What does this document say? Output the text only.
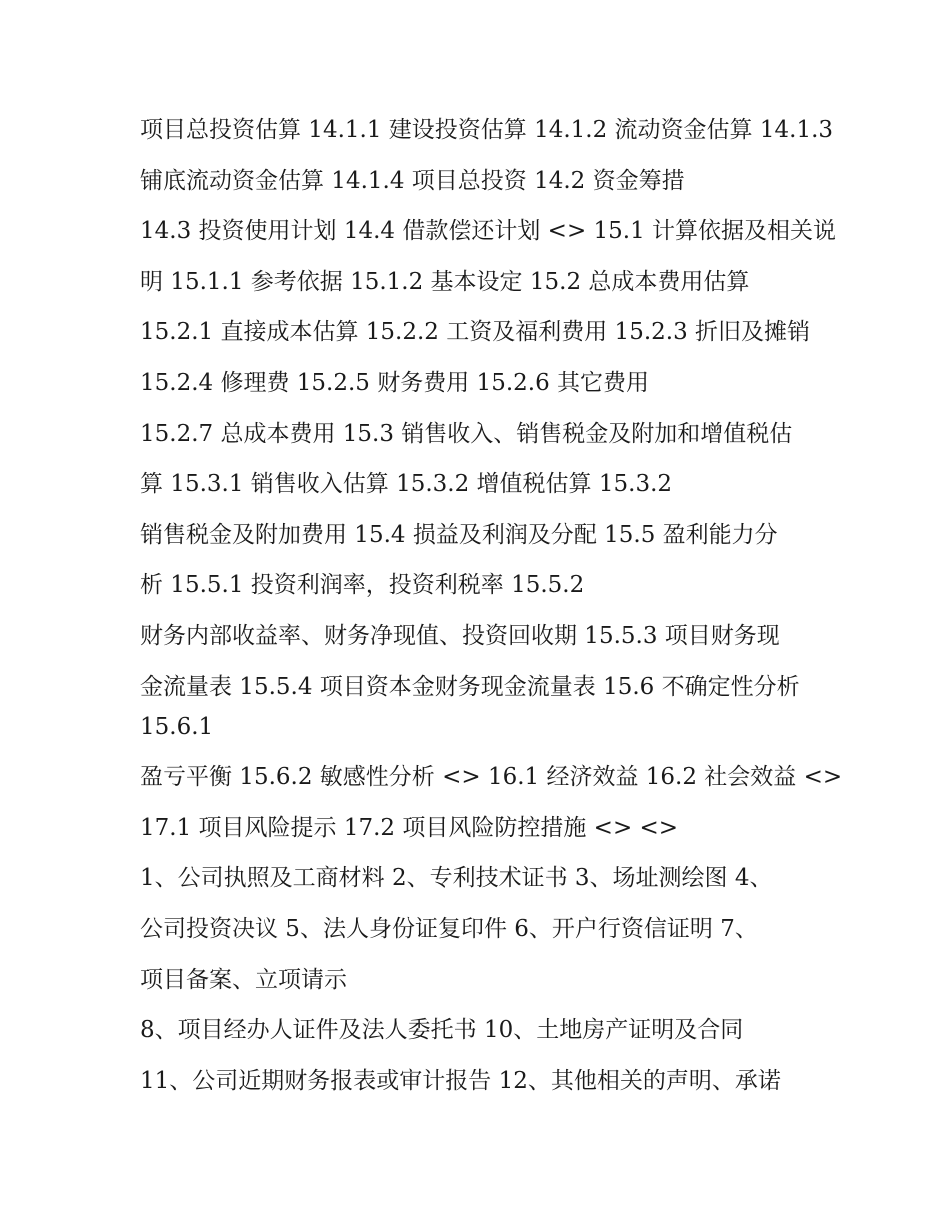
项目总投资估算 14.1.1 建设投资估算 14.1.2 流动资金估算 14.1.3
铺底流动资金估算 14.1.4 项目总投资 14.2 资金筹措
14.3 投资使用计划 14.4 借款偿还计划 <> 15.1 计算依据及相关说
明 15.1.1 参考依据 15.1.2 基本设定 15.2 总成本费用估算
15.2.1 直接成本估算 15.2.2 工资及福利费用 15.2.3 折旧及摊销
15.2.4 修理费 15.2.5 财务费用 15.2.6 其它费用
15.2.7 总成本费用 15.3 销售收入、销售税金及附加和增值税估
算 15.3.1 销售收入估算 15.3.2 增值税估算 15.3.2
销售税金及附加费用 15.4 损益及利润及分配 15.5 盈利能力分
析 15.5.1 投资利润率，投资利税率 15.5.2
财务内部收益率、财务净现值、投资回收期 15.5.3 项目财务现
金流量表 15.5.4 项目资本金财务现金流量表 15.6 不确定性分析
15.6.1
盈亏平衡 15.6.2 敏感性分析 <> 16.1 经济效益 16.2 社会效益 <>
17.1 项目风险提示 17.2 项目风险防控措施 <> <>
1、公司执照及工商材料 2、专利技术证书 3、场址测绘图 4、
公司投资决议 5、法人身份证复印件 6、开户行资信证明 7、
项目备案、立项请示
8、项目经办人证件及法人委托书 10、土地房产证明及合同
11、公司近期财务报表或审计报告 12、其他相关的声明、承诺
